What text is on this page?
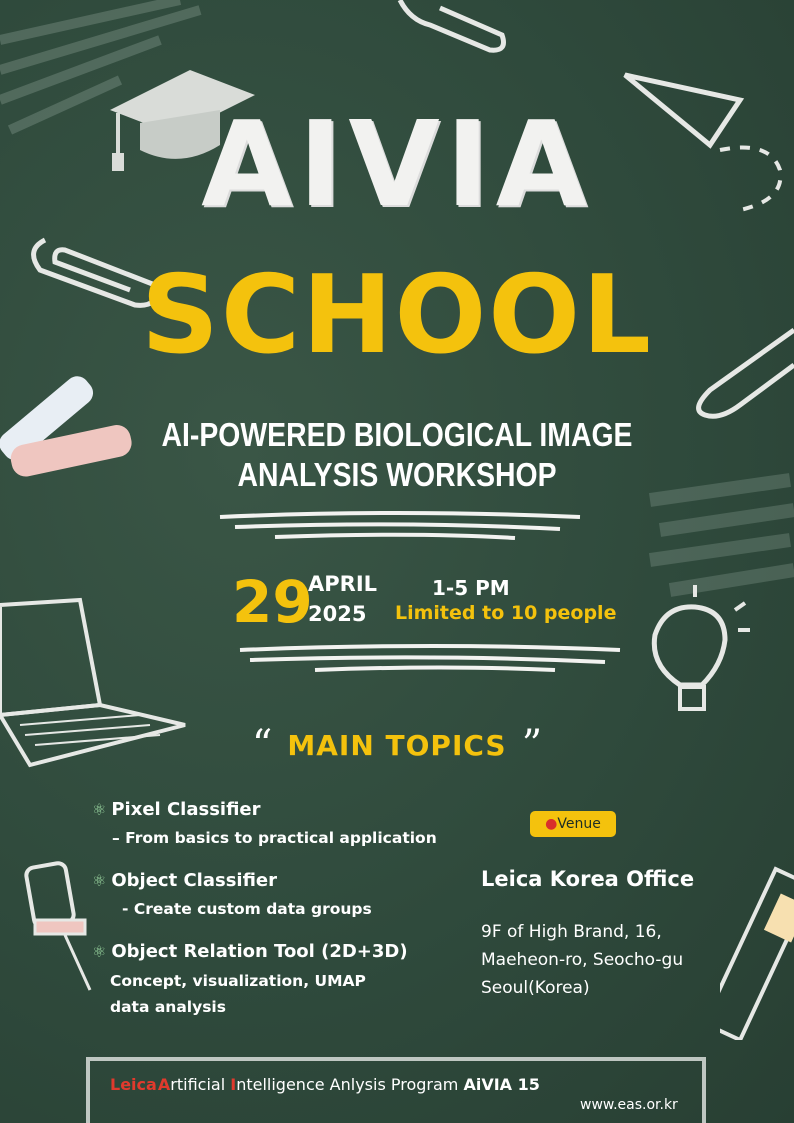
AIVIA
SCHOOL
AI-POWERED BIOLOGICAL IMAGE
ANALYSIS WORKSHOP
29
APRIL
2025
1-5 PM
Limited to 10 people
“ MAIN TOPICS ”
⚛ Pixel Classifier
– From basics to practical application
⚛ Object Classifier
- Create custom data groups
⚛ Object Relation Tool (2D+3D)
Concept, visualization, UMAP
data analysis
●Venue
Leica Korea Office
9F of High Brand, 16,
Maeheon-ro, Seocho-gu
Seoul(Korea)
Leica Artificial Intelligence Anlysis Program AiVIA 15
www.eas.or.kr
